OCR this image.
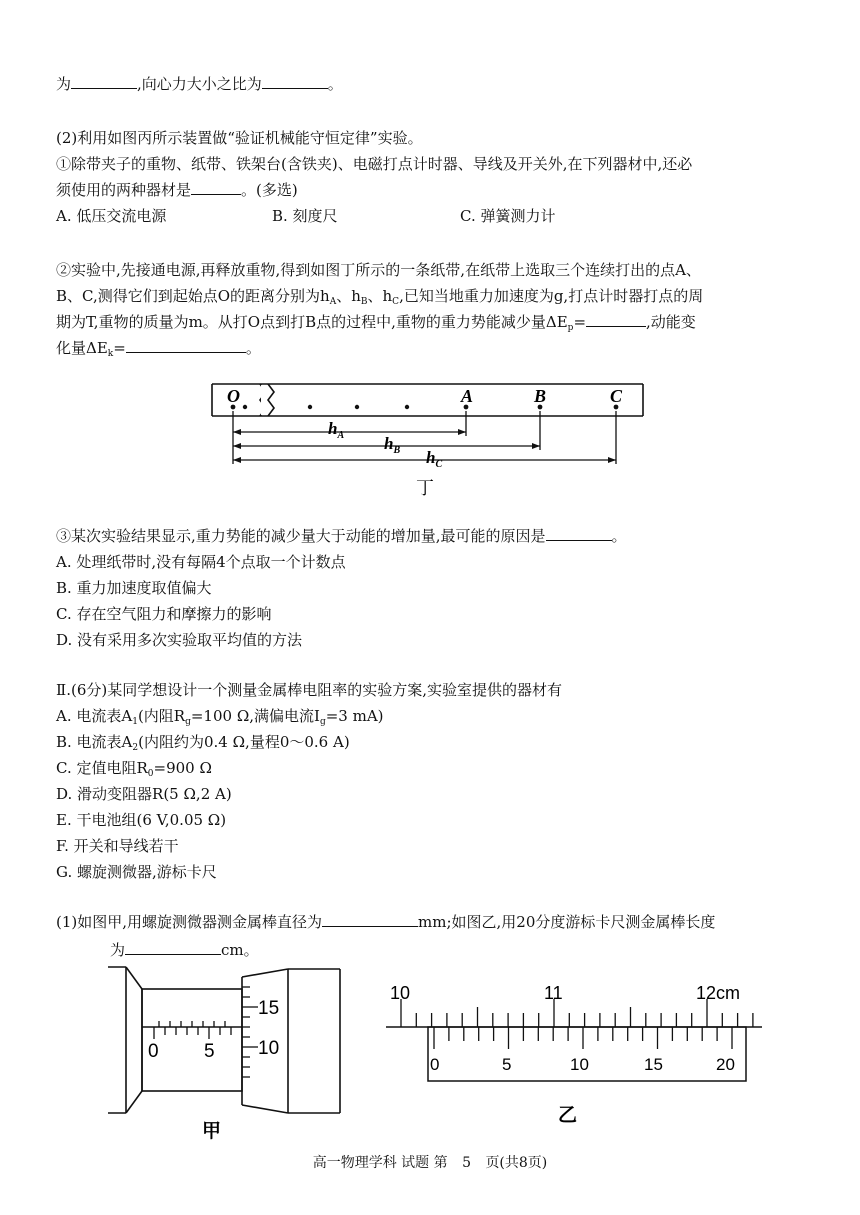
为	,向心力大小之比为	。
(2)利用如图丙所示装置做“验证机械能守恒定律”实验。
①除带夹子的重物、纸带、铁架台(含铁夹)、电磁打点计时器、导线及开关外,在下列器材中,还必
须使用的两种器材是	。(多选)
A. 低压交流电源	B. 刻度尺	C. 弹簧测力计
②实验中,先接通电源,再释放重物,得到如图丁所示的一条纸带,在纸带上选取三个连续打出的点A、
B、C,测得它们到起始点O的距离分别为$h_A$、$h_B$、$h_C$,已知当地重力加速度为g,打点计时器打点的周
期为T,重物的质量为m。从打O点到打B点的过程中,重物的重力势能减少量$\Delta E_p=$	,动能变
化量$\Delta E_k=$	。
O	A	B	C
$h_A$ $h_B$ $h_C$
丁
③某次实验结果显示,重力势能的减少量大于动能的增加量,最可能的原因是	。
A. 处理纸带时,没有每隔4个点取一个计数点
B. 重力加速度取值偏大
C. 存在空气阻力和摩擦力的影响
D. 没有采用多次实验取平均值的方法
Ⅱ.(6分)某同学想设计一个测量金属棒电阻率的实验方案,实验室提供的器材有
A. 电流表$A_1$(内阻$R_g=100$ Ω,满偏电流$I_g=3$ mA)
B. 电流表$A_2$(内阻约为0.4 Ω,量程0～0.6 A)
C. 定值电阻$R_0=900$ Ω
D. 滑动变阻器R(5 Ω,2 A)
E. 干电池组(6 V,0.05 Ω)
F. 开关和导线若干
G. 螺旋测微器,游标卡尺
(1)如图甲,用螺旋测微器测金属棒直径为	mm;如图乙,用20分度游标卡尺测金属棒长度
为	cm。
0 5
15
10
甲
10	11	12cm
0	5	10	15	20
乙
高一物理学科 试题 第 5 页(共8页)
